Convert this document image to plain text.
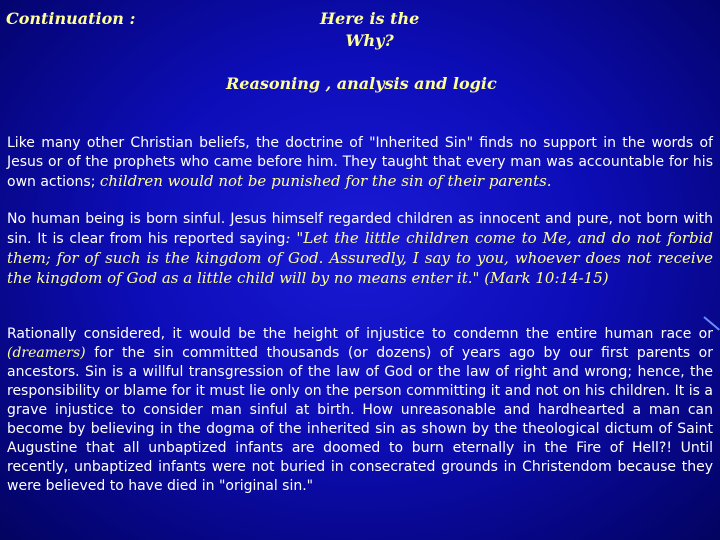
Continuation :	Here is the
Why?
Reasoning , analysis and logic
Like many other Christian beliefs, the doctrine of "Inherited Sin" finds no support in the words of Jesus or of the prophets who came before him. They taught that every man was accountable for his own actions; children would not be punished for the sin of their parents.
No human being is born sinful. Jesus himself regarded children as innocent and pure, not born with sin. It is clear from his reported saying: "Let the little children come to Me, and do not forbid them; for of such is the kingdom of God. Assuredly, I say to you, whoever does not receive the kingdom of God as a little child will by no means enter it." (Mark 10:14-15)
Rationally considered, it would be the height of injustice to condemn the entire human race or (dreamers) for the sin committed thousands (or dozens) of years ago by our first parents or ancestors. Sin is a willful transgression of the law of God or the law of right and wrong; hence, the responsibility or blame for it must lie only on the person committing it and not on his children. It is a grave injustice to consider man sinful at birth. How unreasonable and hardhearted a man can become by believing in the dogma of the inherited sin as shown by the theological dictum of Saint Augustine that all unbaptized infants are doomed to burn eternally in the Fire of Hell?! Until recently, unbaptized infants were not buried in consecrated grounds in Christendom because they were believed to have died in "original sin."
